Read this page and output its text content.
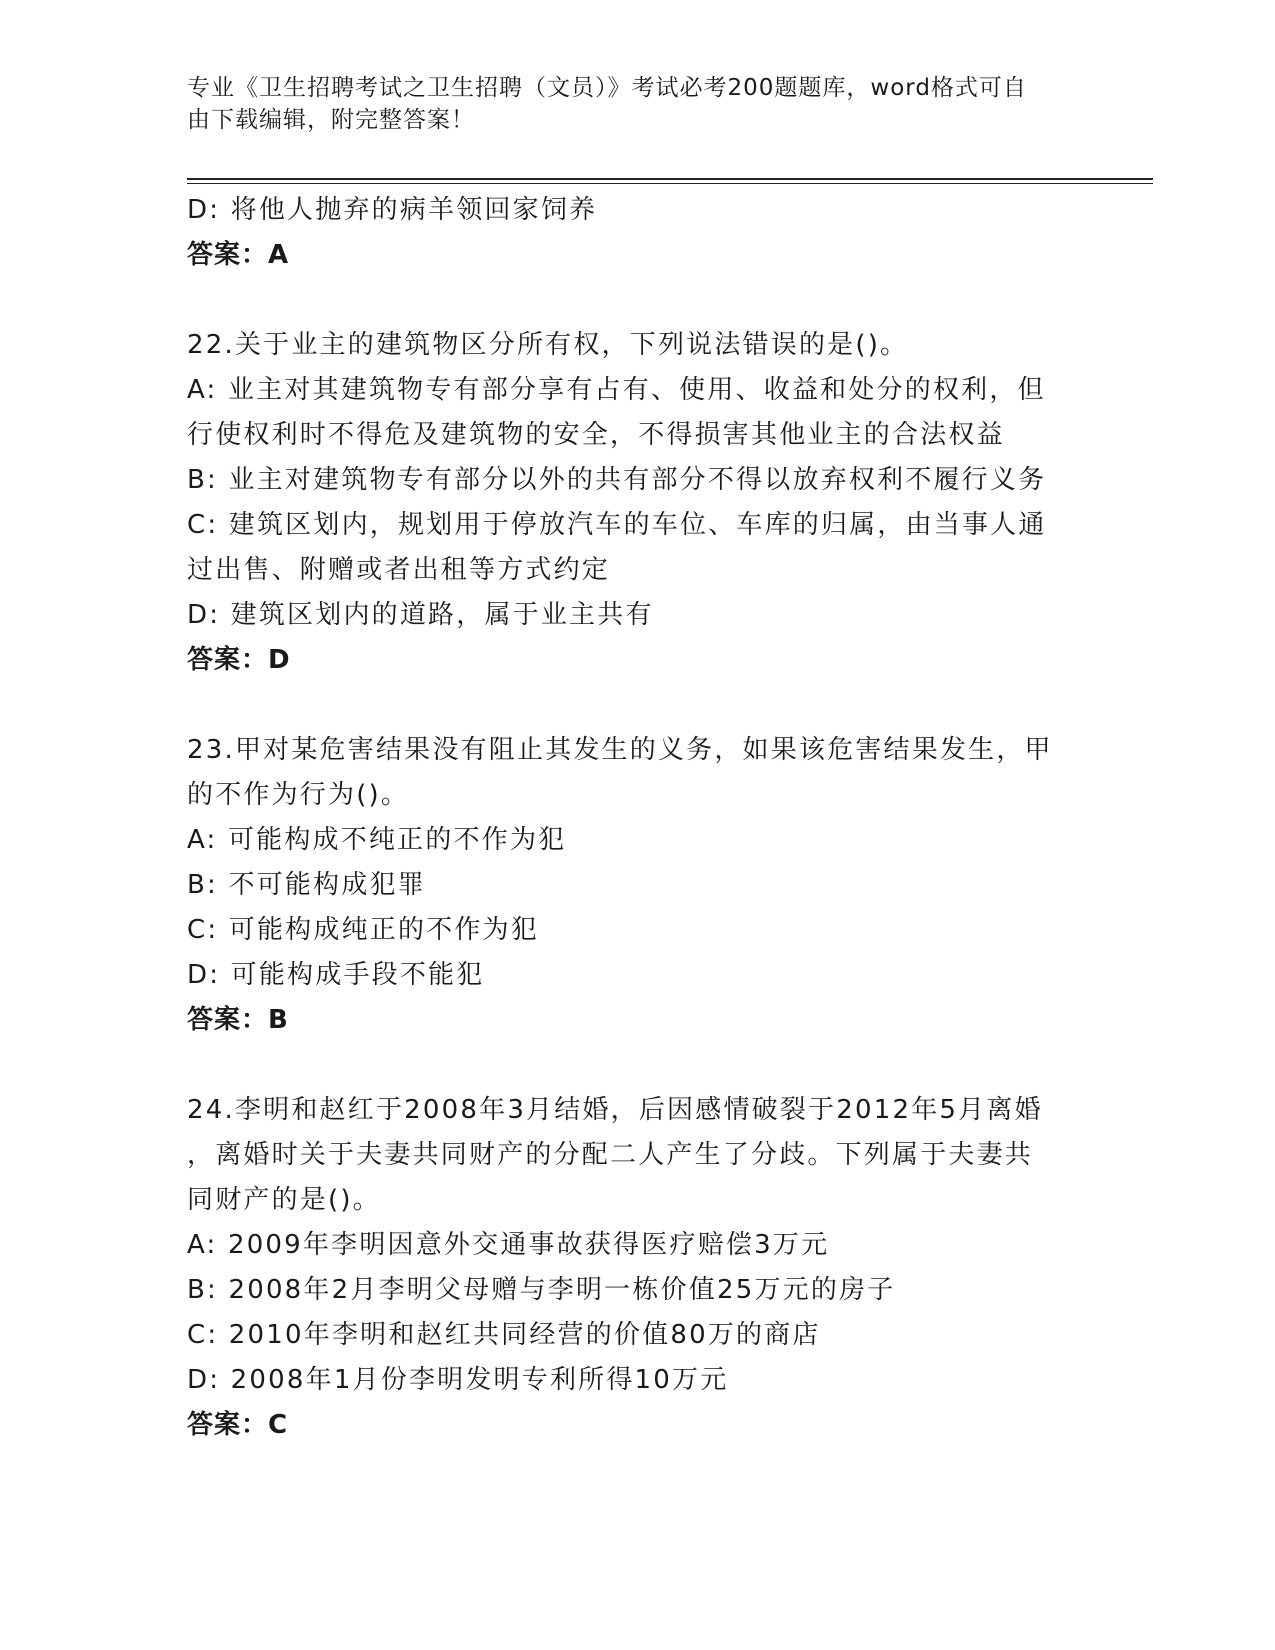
专业《卫生招聘考试之卫生招聘（文员）》考试必考200题题库，word格式可自
由下载编辑，附完整答案！
D: 将他人抛弃的病羊领回家饲养
答案：A
22.关于业主的建筑物区分所有权，下列说法错误的是()。
A: 业主对其建筑物专有部分享有占有、使用、收益和处分的权利，但
行使权利时不得危及建筑物的安全，不得损害其他业主的合法权益
B: 业主对建筑物专有部分以外的共有部分不得以放弃权利不履行义务
C: 建筑区划内，规划用于停放汽车的车位、车库的归属，由当事人通
过出售、附赠或者出租等方式约定
D: 建筑区划内的道路，属于业主共有
答案：D
23.甲对某危害结果没有阻止其发生的义务，如果该危害结果发生，甲
的不作为行为()。
A: 可能构成不纯正的不作为犯
B: 不可能构成犯罪
C: 可能构成纯正的不作为犯
D: 可能构成手段不能犯
答案：B
24.李明和赵红于2008年3月结婚，后因感情破裂于2012年5月离婚
，离婚时关于夫妻共同财产的分配二人产生了分歧。下列属于夫妻共
同财产的是()。
A: 2009年李明因意外交通事故获得医疗赔偿3万元
B: 2008年2月李明父母赠与李明一栋价值25万元的房子
C: 2010年李明和赵红共同经营的价值80万的商店
D: 2008年1月份李明发明专利所得10万元
答案：C
